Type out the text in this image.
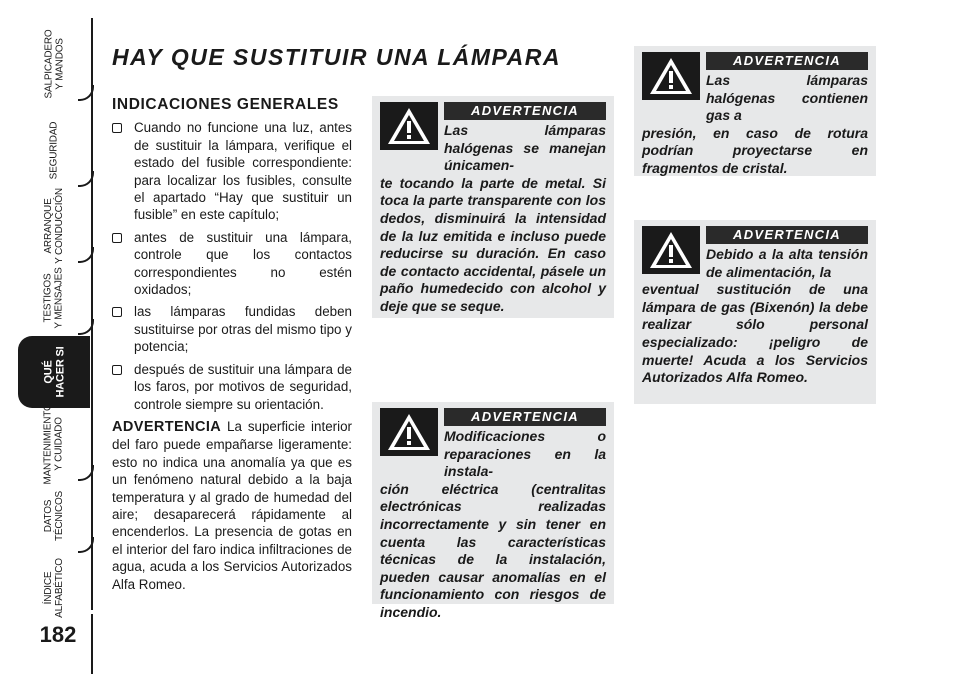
SALPICADERO
Y MANDOS
SEGURIDAD
ARRANQUE
Y CONDUCCIÓN
TESTIGOS
Y MENSAJES
QUÉ
HACER SI
MANTENIMIENTO
Y CUIDADO
DATOS
TÉCNICOS
ÍNDICE
ALFABÉTICO
182
HAY QUE SUSTITUIR UNA LÁMPARA
INDICACIONES GENERALES
Cuando no funcione una luz, antes de sustituir la lámpara, verifique el estado del fusible correspondiente: para localizar los fusibles, consulte el apartado “Hay que sustituir un fusible” en este capítulo;
antes de sustituir una lámpara, controle que los contactos correspondientes no estén oxidados;
las lámparas fundidas deben sustituirse por otras del mismo tipo y potencia;
después de sustituir una lámpara de los faros, por motivos de seguridad, controle siempre su orientación.
ADVERTENCIA La superficie interior del faro puede empañarse ligeramente: esto no indica una anomalía ya que es un fenómeno natural debido a la baja temperatura y al grado de humedad del aire; desaparecerá rápidamente al encenderlos. La presencia de gotas en el interior del faro indica infiltraciones de agua, acuda a los Servicios Autorizados Alfa Romeo.
ADVERTENCIA
Las lámparas halógenas se manejan únicamen-
te tocando la parte de metal. Si toca la parte transparente con los dedos, disminuirá la intensidad de la luz emitida e incluso puede reducirse su duración. En caso de contacto accidental, pásele un paño humedecido con alcohol y deje que se seque.
ADVERTENCIA
Modificaciones o reparaciones en la instala-
ción eléctrica (centralitas electrónicas realizadas incorrectamente y sin tener en cuenta las características técnicas de la instalación, pueden causar anomalías en el funcionamiento con riesgos de incendio.
ADVERTENCIA
Las lámparas halógenas contienen gas a
presión, en caso de rotura podrían proyectarse en fragmentos de cristal.
ADVERTENCIA
Debido a la alta tensión de alimentación, la
eventual sustitución de una lámpara de gas (Bixenón) la debe realizar sólo personal especializado: ¡peligro de muerte! Acuda a los Servicios Autorizados Alfa Romeo.
